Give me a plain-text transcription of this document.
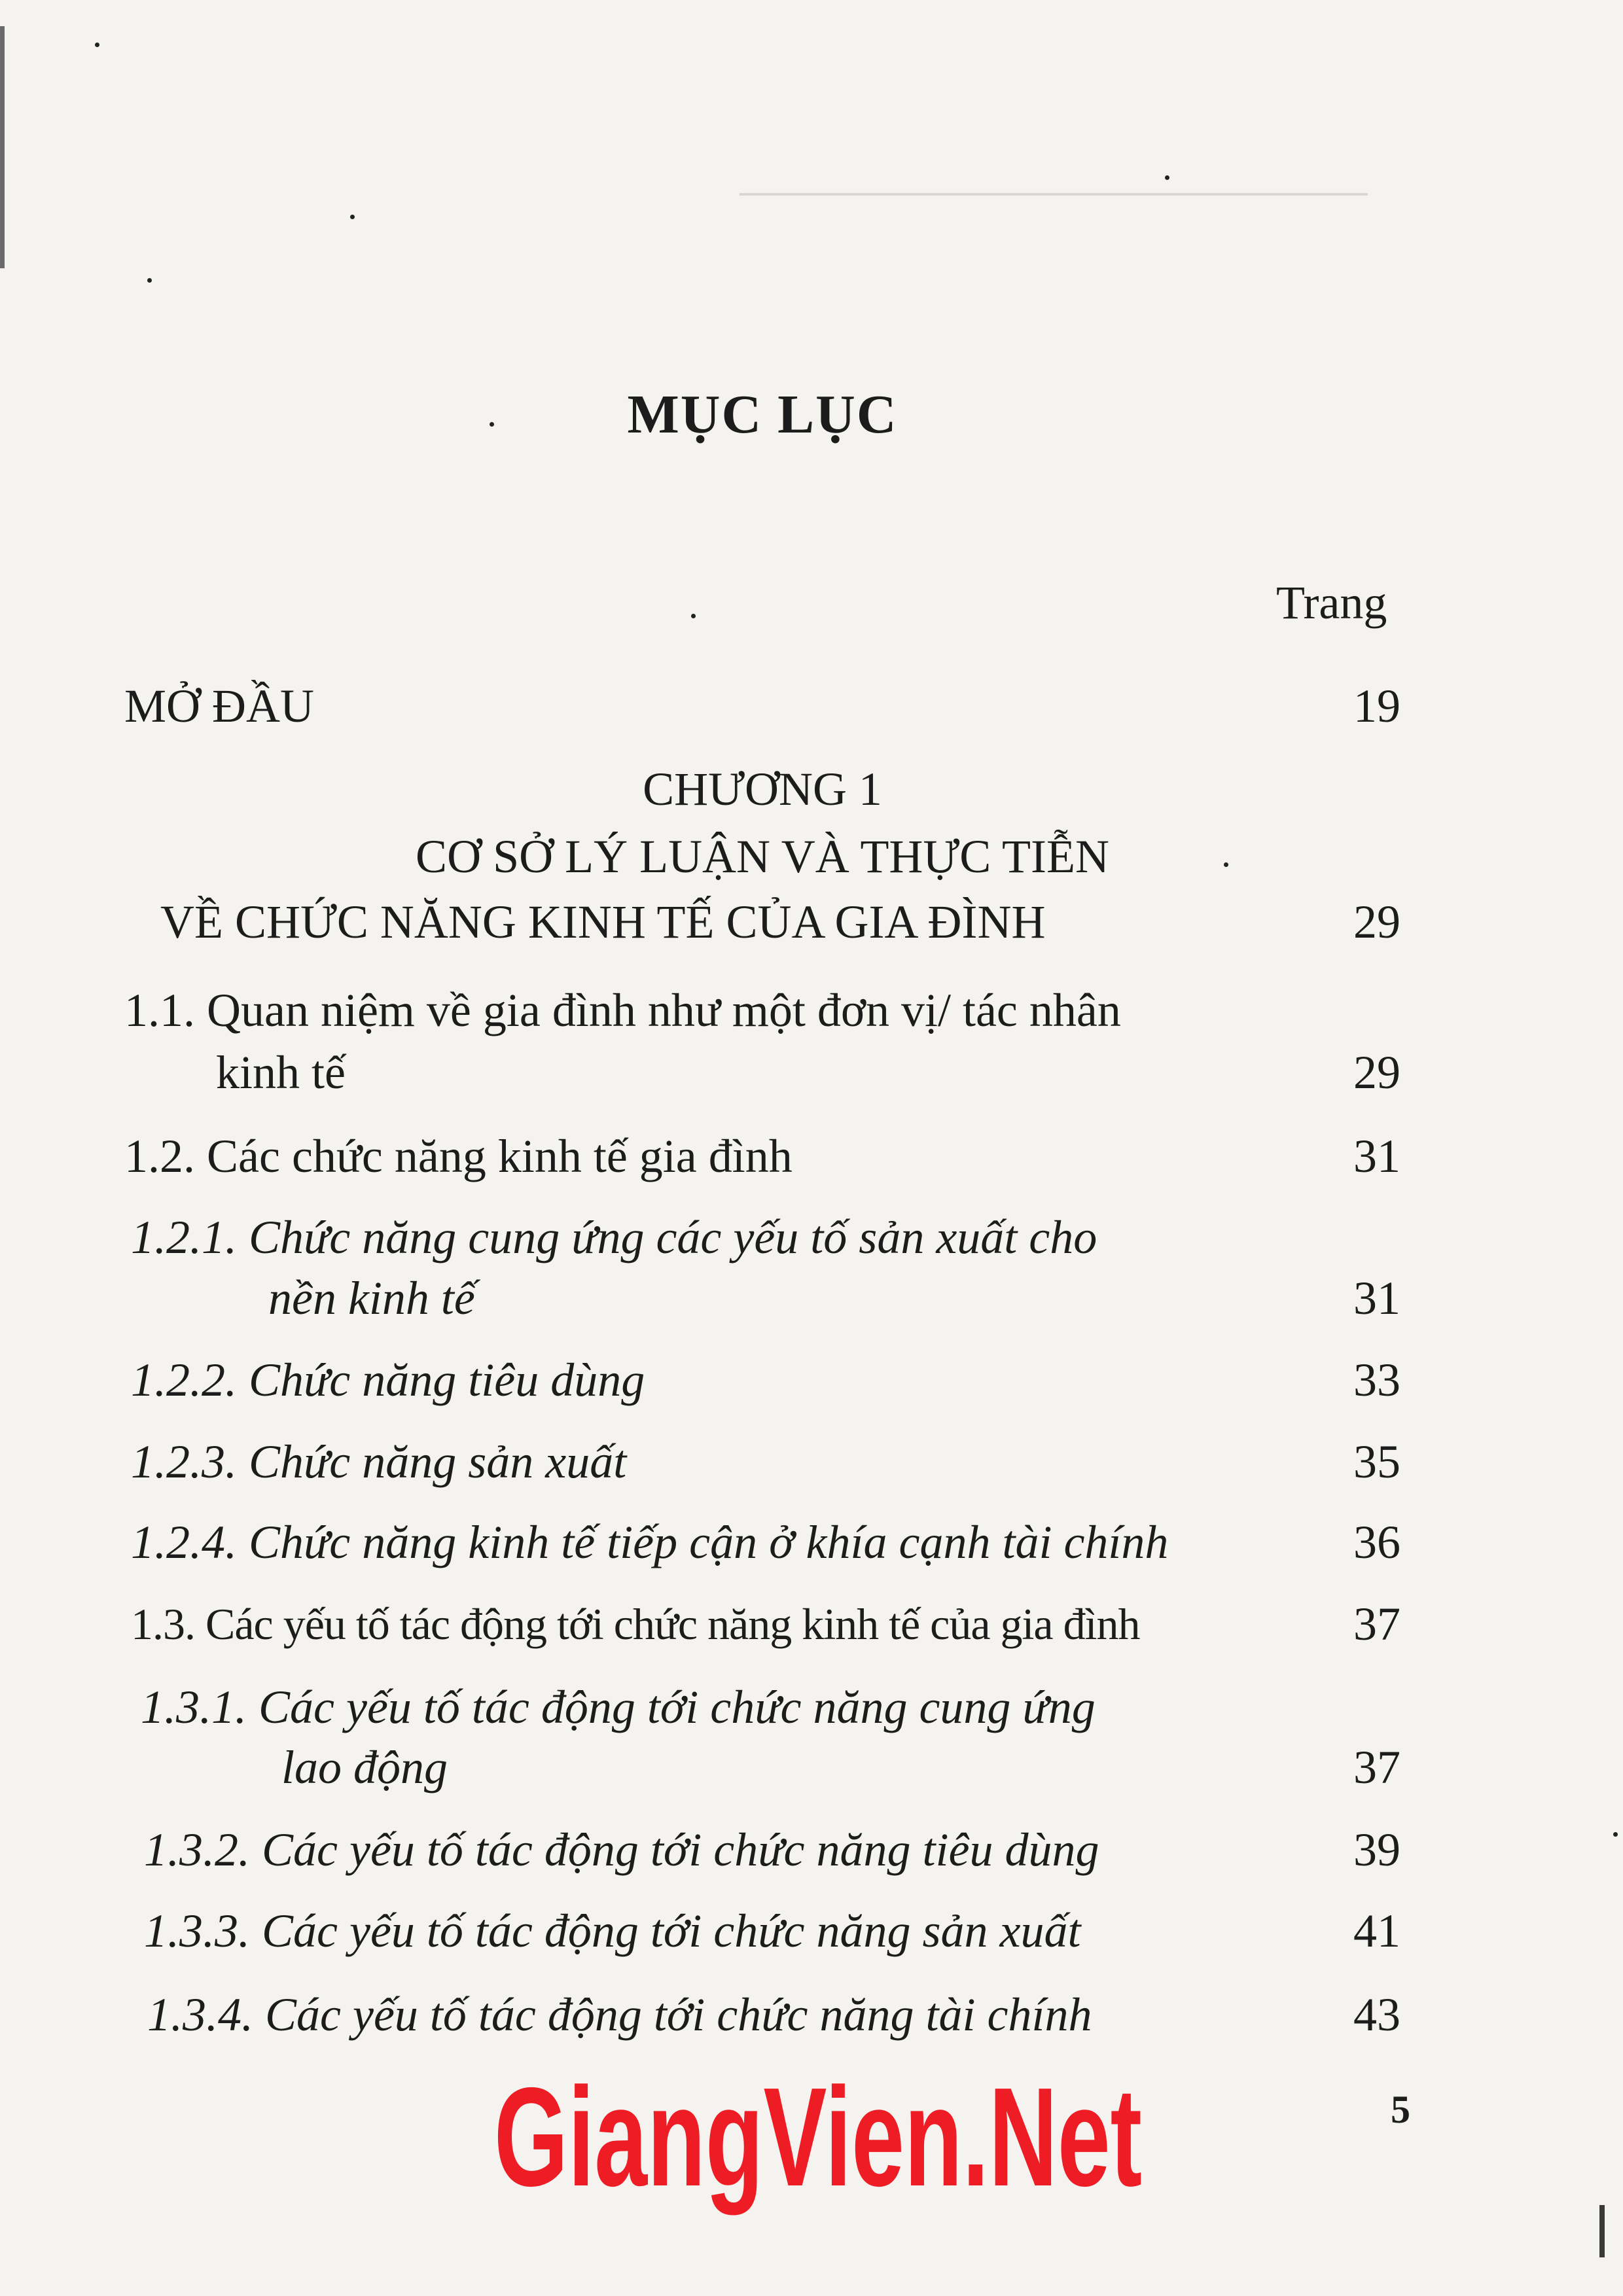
MỤC LỤC
Trang
MỞ ĐẦU	19
CHƯƠNG 1
CƠ SỞ LÝ LUẬN VÀ THỰC TIỄN
VỀ CHỨC NĂNG KINH TẾ CỦA GIA ĐÌNH	29
1.1. Quan niệm về gia đình như một đơn vị/ tác nhân
kinh tế	29
1.2. Các chức năng kinh tế gia đình	31
1.2.1. Chức năng cung ứng các yếu tố sản xuất cho
nền kinh tế	31
1.2.2. Chức năng tiêu dùng	33
1.2.3. Chức năng sản xuất	35
1.2.4. Chức năng kinh tế tiếp cận ở khía cạnh tài chính	36
1.3. Các yếu tố tác động tới chức năng kinh tế của gia đình	37
1.3.1. Các yếu tố tác động tới chức năng cung ứng
lao động	37
1.3.2. Các yếu tố tác động tới chức năng tiêu dùng	39
1.3.3. Các yếu tố tác động tới chức năng sản xuất	41
1.3.4. Các yếu tố tác động tới chức năng tài chính	43
GiangVien.Net	5
